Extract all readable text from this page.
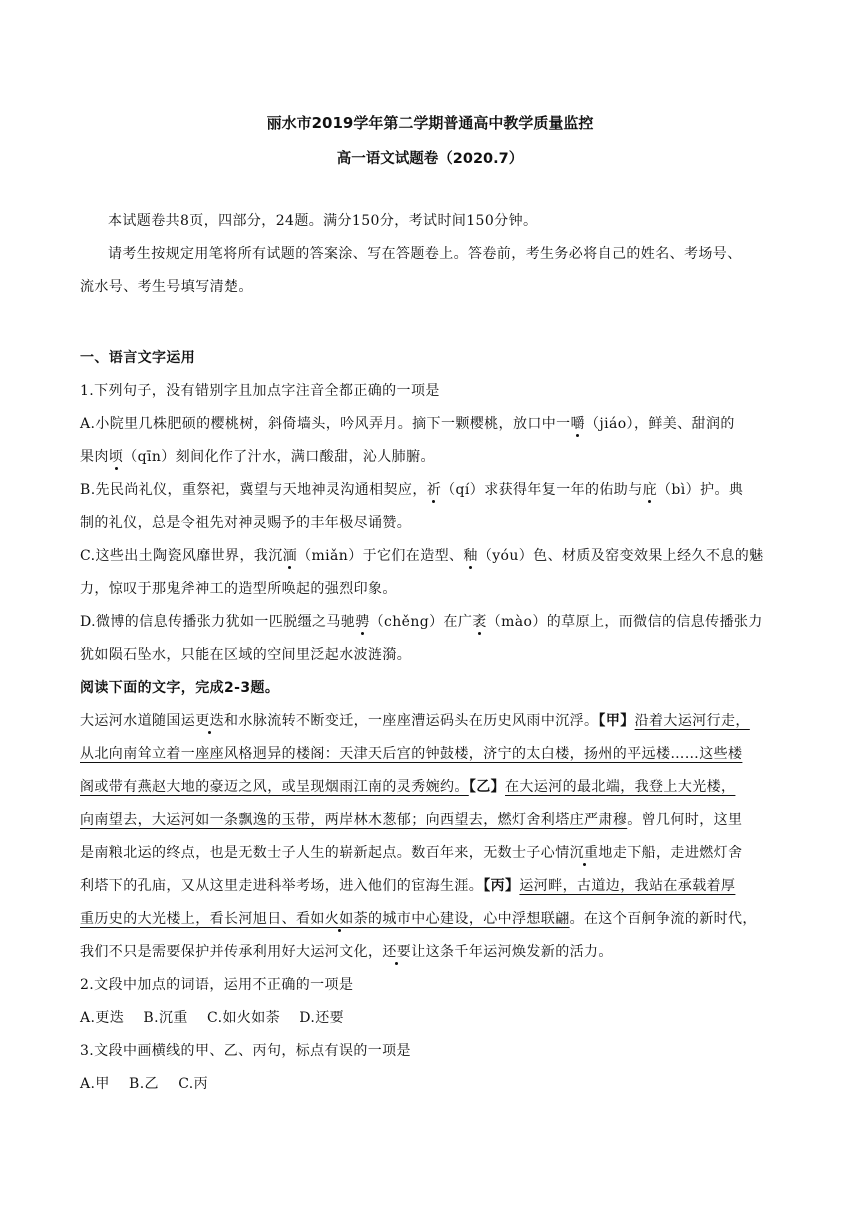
丽水市2019学年第二学期普通高中教学质量监控
高一语文试题卷（2020.7）
本试题卷共8页，四部分，24题。满分150分，考试时间150分钟。
请考生按规定用笔将所有试题的答案涂、写在答题卷上。答卷前，考生务必将自己的姓名、考场号、
流水号、考生号填写清楚。
一、语言文字运用
1.下列句子，没有错别字且加点字注音全都正确的一项是
A.小院里几株肥硕的樱桃树，斜倚墙头，吟风弄月。摘下一颗樱桃，放口中一嚼（jiáo），鲜美、甜润的
果肉顷（qīn）刻间化作了汁水，满口酸甜，沁人肺腑。
B.先民尚礼仪，重祭祀，冀望与天地神灵沟通相契应，祈（qí）求获得年复一年的佑助与庇（bì）护。典
制的礼仪，总是令祖先对神灵赐予的丰年极尽诵赞。
C.这些出土陶瓷风靡世界，我沉湎（miǎn）于它们在造型、釉（yóu）色、材质及窑变效果上经久不息的魅
力，惊叹于那鬼斧神工的造型所唤起的强烈印象。
D.微博的信息传播张力犹如一匹脱缰之马驰骋（chěng）在广袤（mào）的草原上，而微信的信息传播张力
犹如陨石坠水，只能在区域的空间里泛起水波涟漪。
阅读下面的文字，完成2-3题。
大运河水道随国运更迭和水脉流转不断变迁，一座座漕运码头在历史风雨中沉浮。【甲】沿着大运河行走，
从北向南耸立着一座座风格迥异的楼阁：天津天后宫的钟鼓楼，济宁的太白楼，扬州的平远楼……这些楼
阁或带有燕赵大地的豪迈之风，或呈现烟雨江南的灵秀婉约。【乙】在大运河的最北端，我登上大光楼，
向南望去，大运河如一条飘逸的玉带，两岸林木葱郁；向西望去，燃灯舍利塔庄严肃穆。曾几何时，这里
是南粮北运的终点，也是无数士子人生的崭新起点。数百年来，无数士子心情沉重地走下船，走进燃灯舍
利塔下的孔庙，又从这里走进科举考场，进入他们的宦海生涯。【丙】运河畔，古道边，我站在承载着厚
重历史的大光楼上，看长河旭日、看如火如荼的城市中心建设，心中浮想联翩。在这个百舸争流的新时代，
我们不只是需要保护并传承利用好大运河文化，还要让这条千年运河焕发新的活力。
2.文段中加点的词语，运用不正确的一项是
A.更迭　 B.沉重　 C.如火如荼　 D.还要
3.文段中画横线的甲、乙、丙句，标点有误的一项是
A.甲　 B.乙　 C.丙
